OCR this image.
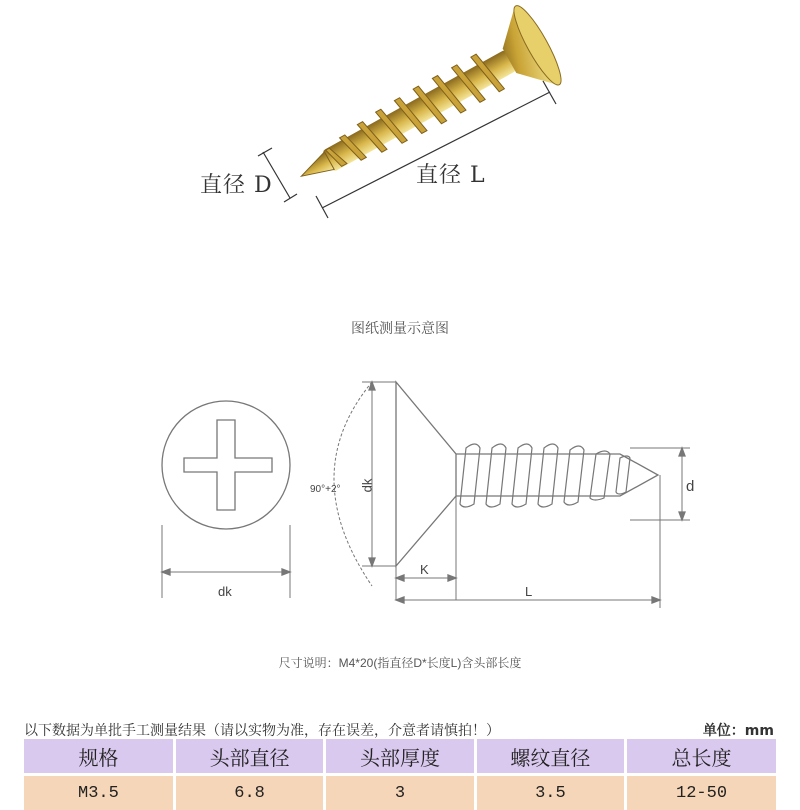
直径 D	直径 L
图纸测量示意图
dk
dk
90°+2°
K
L
d
尺寸说明：M4*20(指直径D*长度L)含头部长度
以下数据为单批手工测量结果（请以实物为准，存在误差，介意者请慎拍！）	单位：mm
规格	头部直径	头部厚度	螺纹直径	总长度
M3.5	6.8	3	3.5	12-50
